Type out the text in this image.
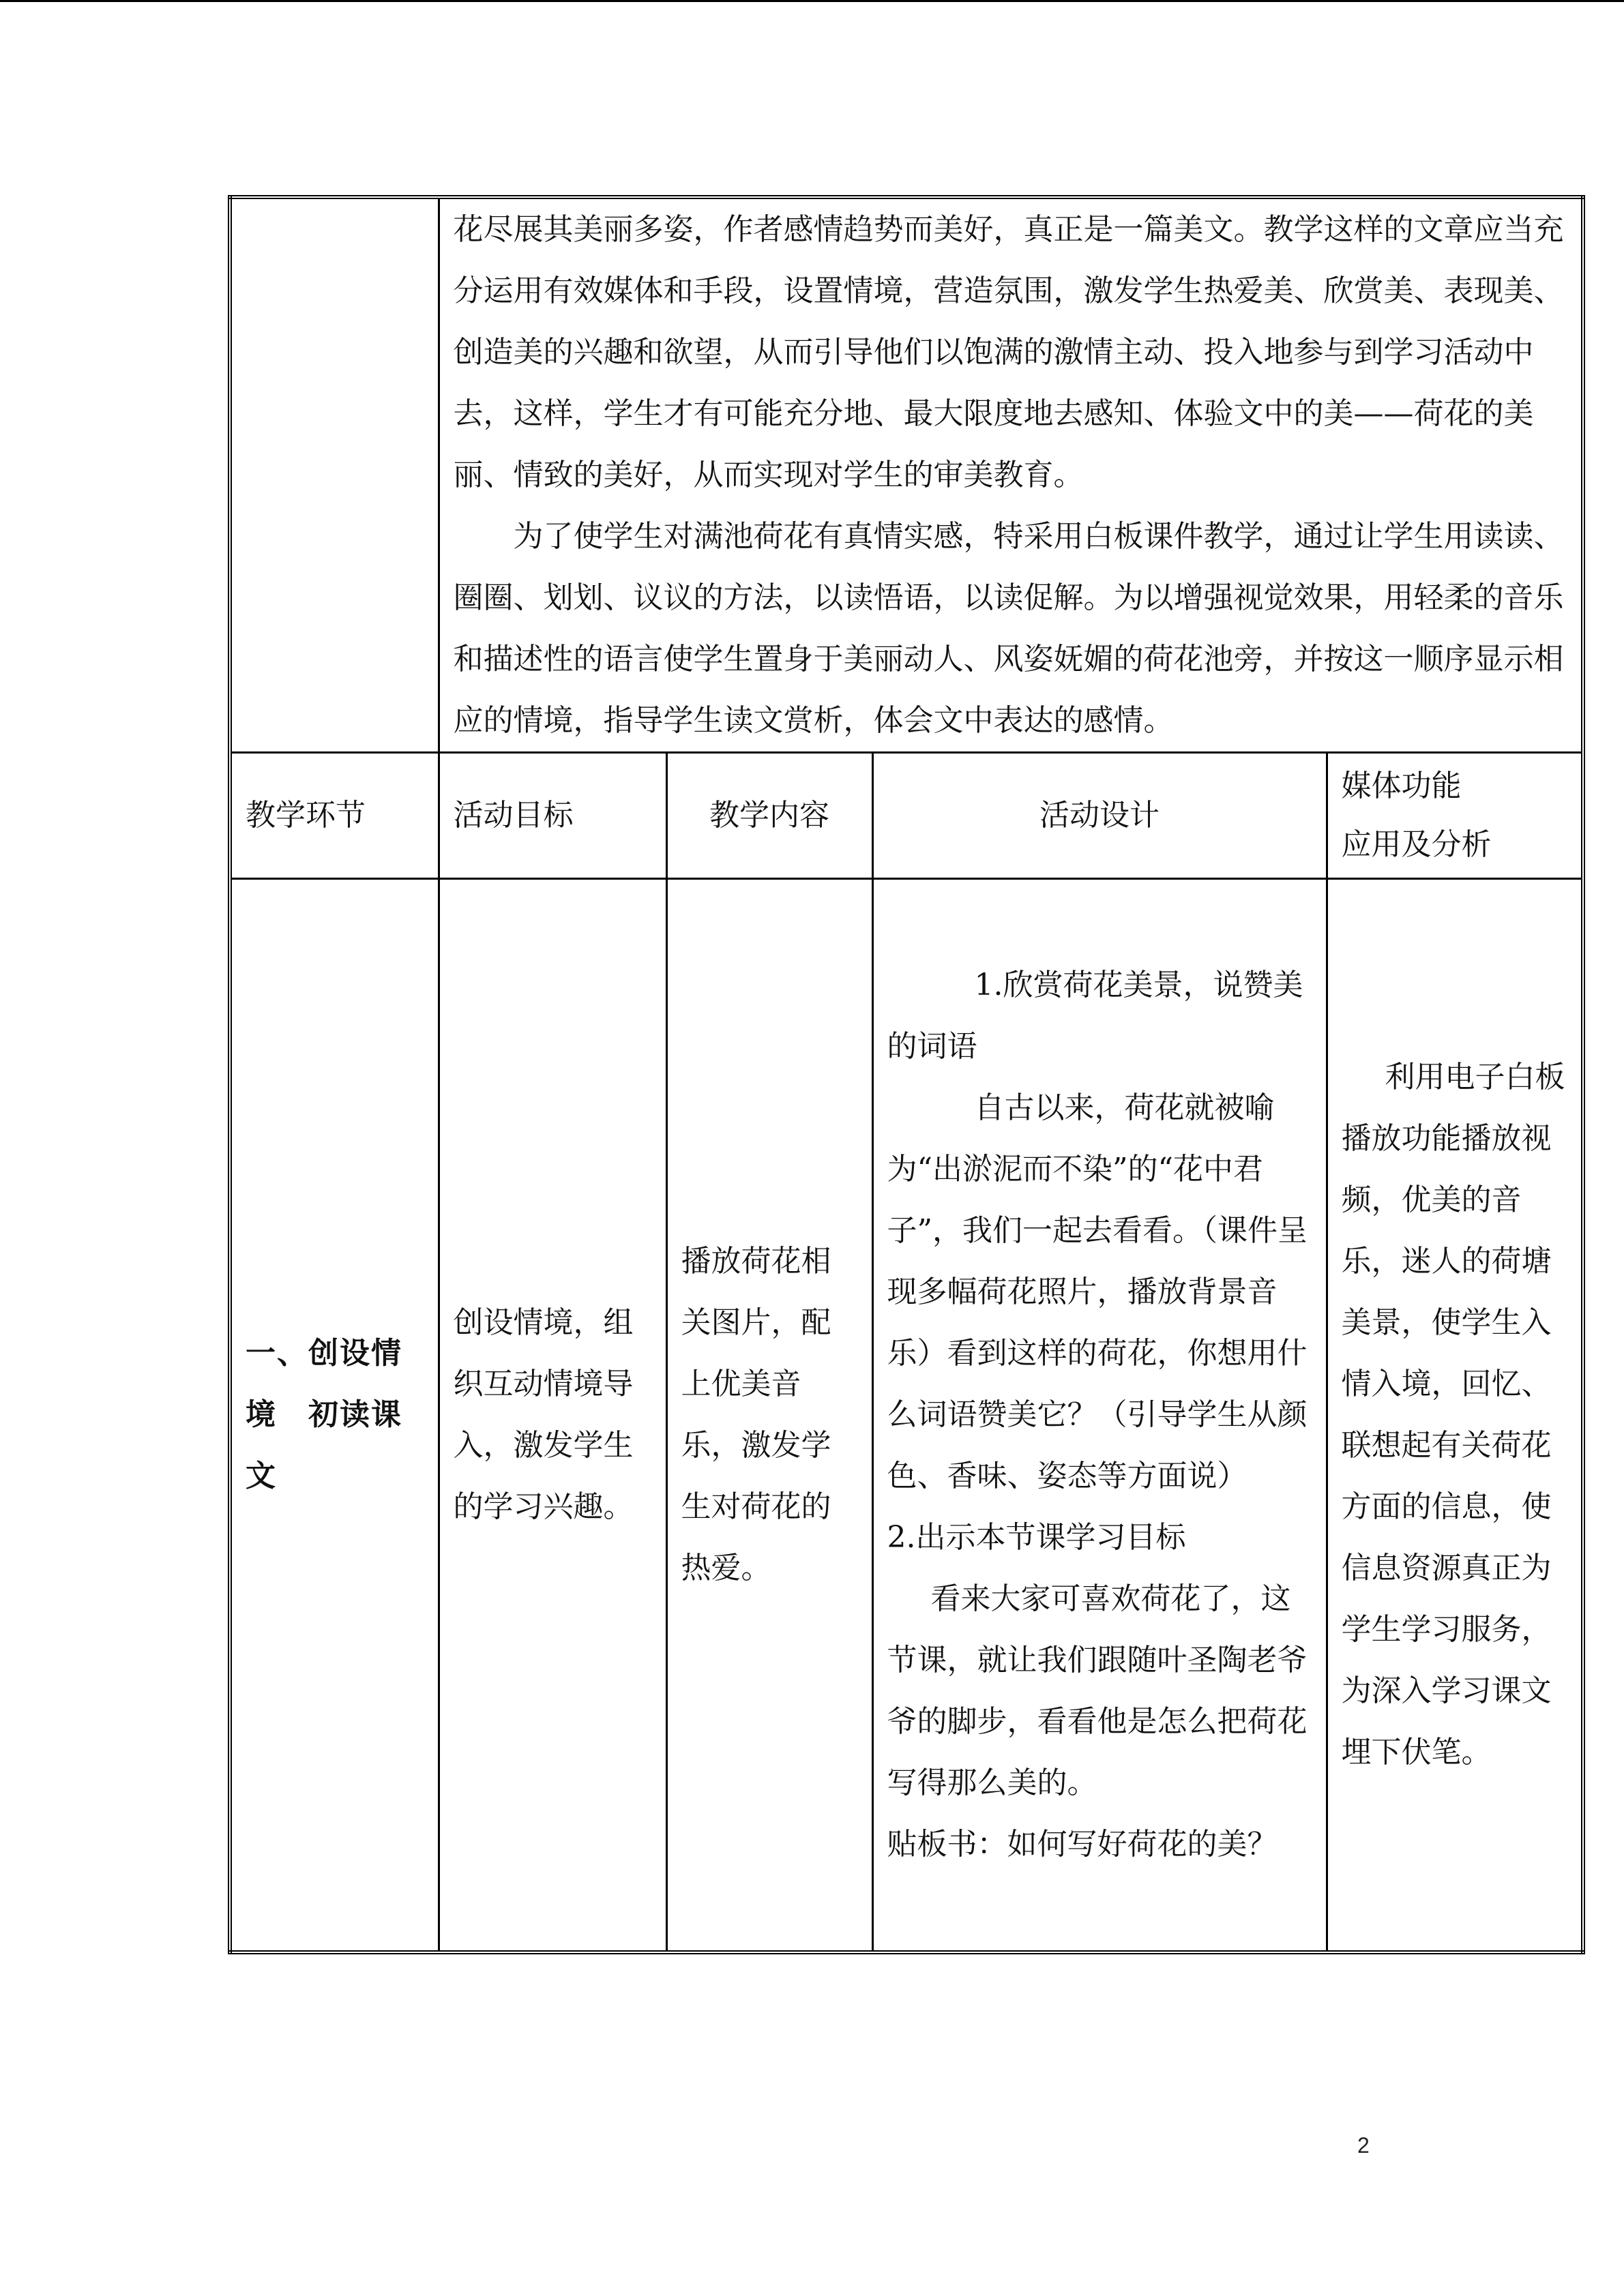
	花尽展其美丽多姿，作者感情趋势而美好，真正是一篇美文。教学这样的文章应当充分运用有效媒体和手段，设置情境，营造氛围，激发学生热爱美、欣赏美、表现美、创造美的兴趣和欲望，从而引导他们以饱满的激情主动、投入地参与到学习活动中去，这样，学生才有可能充分地、最大限度地去感知、体验文中的美——荷花的美丽、情致的美好，从而实现对学生的审美教育。

为了使学生对满池荷花有真情实感，特采用白板课件教学，通过让学生用读读、圈圈、划划、议议的方法，以读悟语，以读促解。为以增强视觉效果，用轻柔的音乐和描述性的语言使学生置身于美丽动人、风姿妩媚的荷花池旁，并按这一顺序显示相应的情境，指导学生读文赏析，体会文中表达的感情。			

教学环节	活动目标	教学内容	活动设计	媒体功能
应用及分析

一、创设情境　初读课文	创设情境，组织互动情境导入，激发学生的学习兴趣。	播放荷花相关图片，配上优美音乐，激发学生对荷花的热爱。	1.欣赏荷花美景，说赞美的词语

自古以来，荷花就被喻为“出淤泥而不染”的“花中君子”，我们一起去看看。（课件呈现多幅荷花照片，播放背景音乐）看到这样的荷花，你想用什么词语赞美它？（引导学生从颜色、香味、姿态等方面说）

2.出示本节课学习目标

看来大家可喜欢荷花了，这节课，就让我们跟随叶圣陶老爷爷的脚步，看看他是怎么把荷花写得那么美的。

贴板书：如何写好荷花的美？	利用电子白板播放功能播放视频，优美的音乐，迷人的荷塘美景，使学生入情入境，回忆、联想起有关荷花方面的信息，使信息资源真正为学生学习服务，为深入学习课文埋下伏笔。
2
